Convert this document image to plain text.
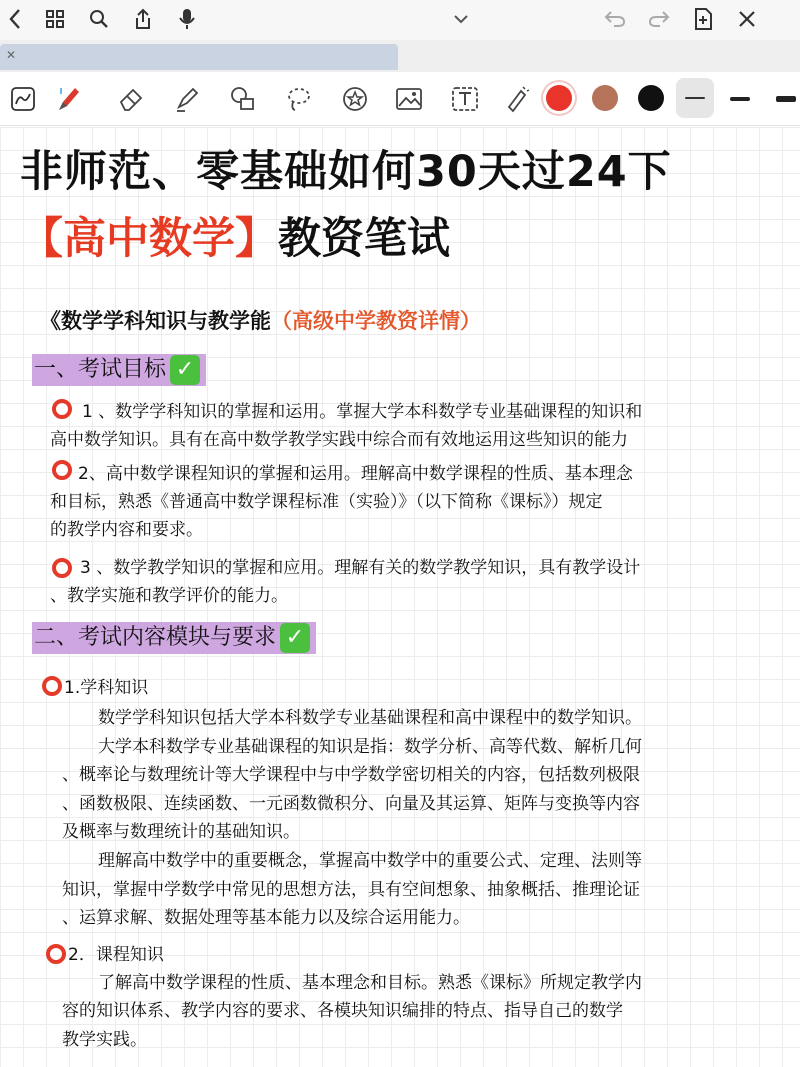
✕
非师范、零基础如何30天过24下
【高中数学】教资笔试
《数学学科知识与教学能（高级中学教资详情）
一、考试目标 ✓
1 、数学学科知识的掌握和运用。掌握大学本科数学专业基础课程的知识和
高中数学知识。具有在高中数学教学实践中综合而有效地运用这些知识的能力
2、高中数学课程知识的掌握和运用。理解高中数学课程的性质、基本理念
和目标，熟悉《普通高中数学课程标准（实验）》（以下简称《课标》）规定
的教学内容和要求。
3 、数学教学知识的掌握和应用。理解有关的数学教学知识，具有教学设计
、教学实施和教学评价的能力。
二、考试内容模块与要求 ✓
1.学科知识
数学学科知识包括大学本科数学专业基础课程和高中课程中的数学知识。
大学本科数学专业基础课程的知识是指：数学分析、高等代数、解析几何
、概率论与数理统计等大学课程中与中学数学密切相关的内容，包括数列极限
、函数极限、连续函数、一元函数微积分、向量及其运算、矩阵与变换等内容
及概率与数理统计的基础知识。
理解高中数学中的重要概念，掌握高中数学中的重要公式、定理、法则等
知识，掌握中学数学中常见的思想方法，具有空间想象、抽象概括、推理论证
、运算求解、数据处理等基本能力以及综合运用能力。
2．课程知识
了解高中数学课程的性质、基本理念和目标。熟悉《课标》所规定教学内
容的知识体系、教学内容的要求、各模块知识编排的特点、指导自己的数学
教学实践。
